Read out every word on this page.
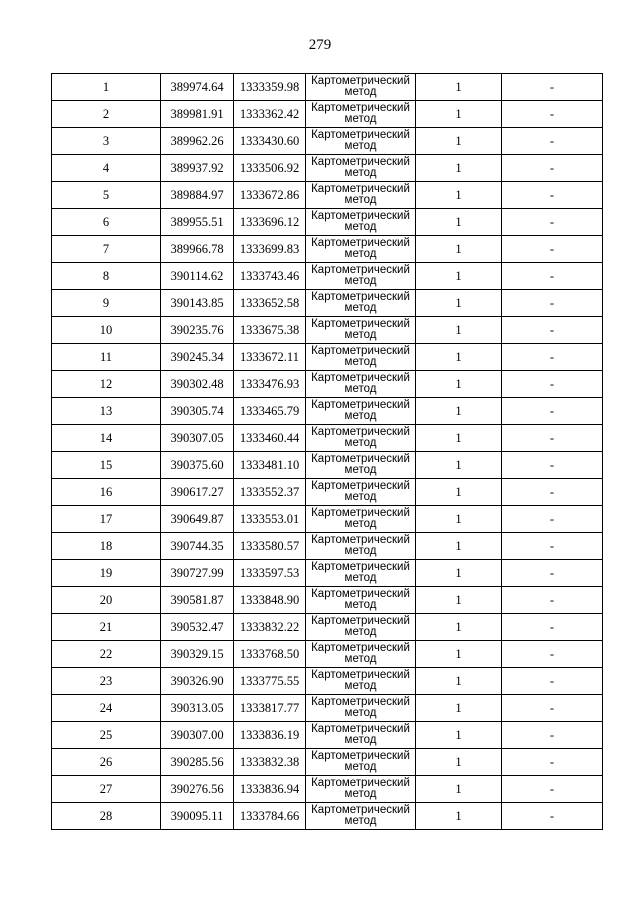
279
1	389974.64	1333359.98	Картометрический метод	1	-
2	389981.91	1333362.42	Картометрический метод	1	-
3	389962.26	1333430.60	Картометрический метод	1	-
4	389937.92	1333506.92	Картометрический метод	1	-
5	389884.97	1333672.86	Картометрический метод	1	-
6	389955.51	1333696.12	Картометрический метод	1	-
7	389966.78	1333699.83	Картометрический метод	1	-
8	390114.62	1333743.46	Картометрический метод	1	-
9	390143.85	1333652.58	Картометрический метод	1	-
10	390235.76	1333675.38	Картометрический метод	1	-
11	390245.34	1333672.11	Картометрический метод	1	-
12	390302.48	1333476.93	Картометрический метод	1	-
13	390305.74	1333465.79	Картометрический метод	1	-
14	390307.05	1333460.44	Картометрический метод	1	-
15	390375.60	1333481.10	Картометрический метод	1	-
16	390617.27	1333552.37	Картометрический метод	1	-
17	390649.87	1333553.01	Картометрический метод	1	-
18	390744.35	1333580.57	Картометрический метод	1	-
19	390727.99	1333597.53	Картометрический метод	1	-
20	390581.87	1333848.90	Картометрический метод	1	-
21	390532.47	1333832.22	Картометрический метод	1	-
22	390329.15	1333768.50	Картометрический метод	1	-
23	390326.90	1333775.55	Картометрический метод	1	-
24	390313.05	1333817.77	Картометрический метод	1	-
25	390307.00	1333836.19	Картометрический метод	1	-
26	390285.56	1333832.38	Картометрический метод	1	-
27	390276.56	1333836.94	Картометрический метод	1	-
28	390095.11	1333784.66	Картометрический метод	1	-
